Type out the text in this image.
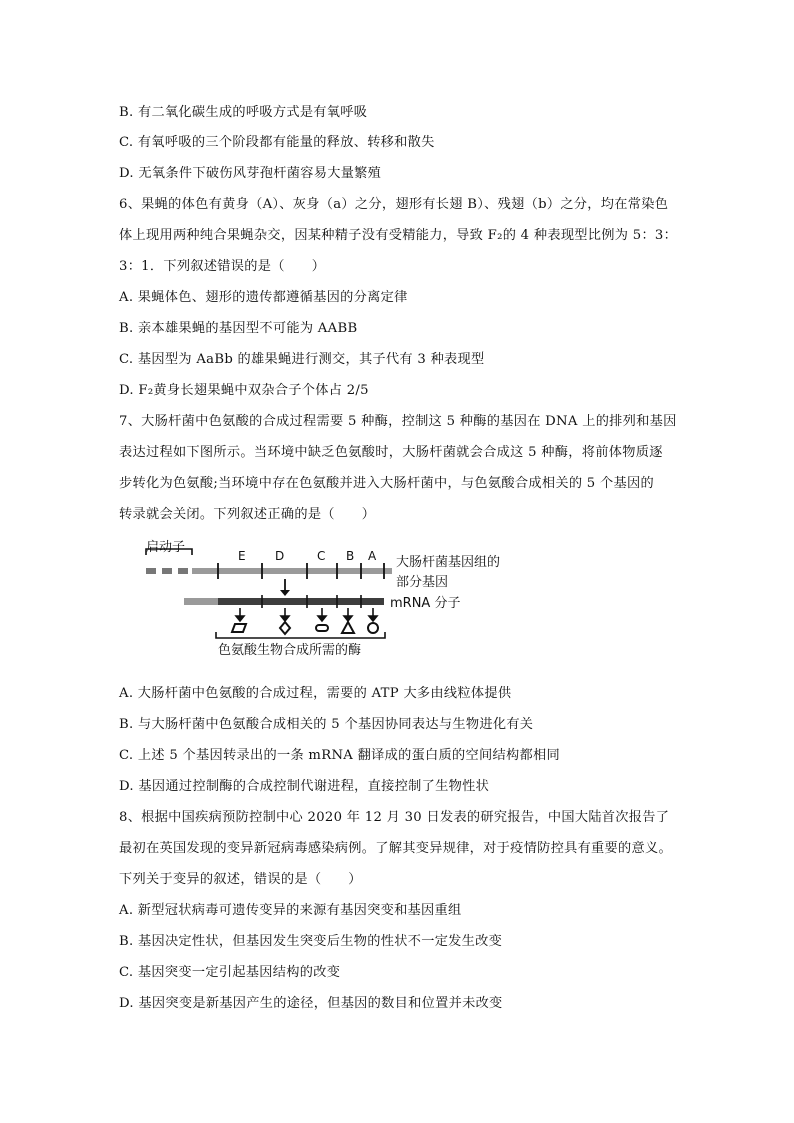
B. 有二氧化碳生成的呼吸方式是有氧呼吸
C. 有氧呼吸的三个阶段都有能量的释放、转移和散失
D. 无氧条件下破伤风芽孢杆菌容易大量繁殖
6、果蝇的体色有黄身（A）、灰身（a）之分，翅形有长翅 B）、残翅（b）之分，均在常染色
体上现用两种纯合果蝇杂交，因某种精子没有受精能力，导致 F₂的 4 种表现型比例为 5：3：
3：1．下列叙述错误的是（　　）
A. 果蝇体色、翅形的遗传都遵循基因的分离定律
B. 亲本雄果蝇的基因型不可能为 AABB
C. 基因型为 AaBb 的雄果蝇进行测交，其子代有 3 种表现型
D. F₂黄身长翅果蝇中双杂合子个体占 2/5
7、大肠杆菌中色氨酸的合成过程需要 5 种酶，控制这 5 种酶的基因在 DNA 上的排列和基因
表达过程如下图所示。当环境中缺乏色氨酸时，大肠杆菌就会合成这 5 种酶，将前体物质逐
步转化为色氨酸;当环境中存在色氨酸并进入大肠杆菌中，与色氨酸合成相关的 5 个基因的
转录就会关闭。下列叙述正确的是（　　）
启动子
E D	C B A 大肠杆菌基因组的
部分基因
mRNA 分子
色氨酸生物合成所需的酶
A. 大肠杆菌中色氨酸的合成过程，需要的 ATP 大多由线粒体提供
B. 与大肠杆菌中色氨酸合成相关的 5 个基因协同表达与生物进化有关
C. 上述 5 个基因转录出的一条 mRNA 翻译成的蛋白质的空间结构都相同
D. 基因通过控制酶的合成控制代谢进程，直接控制了生物性状
8、根据中国疾病预防控制中心 2020 年 12 月 30 日发表的研究报告，中国大陆首次报告了
最初在英国发现的变异新冠病毒感染病例。了解其变异规律，对于疫情防控具有重要的意义。
下列关于变异的叙述，错误的是（　　）
A. 新型冠状病毒可遗传变异的来源有基因突变和基因重组
B. 基因决定性状，但基因发生突变后生物的性状不一定发生改变
C. 基因突变一定引起基因结构的改变
D. 基因突变是新基因产生的途径，但基因的数目和位置并未改变
